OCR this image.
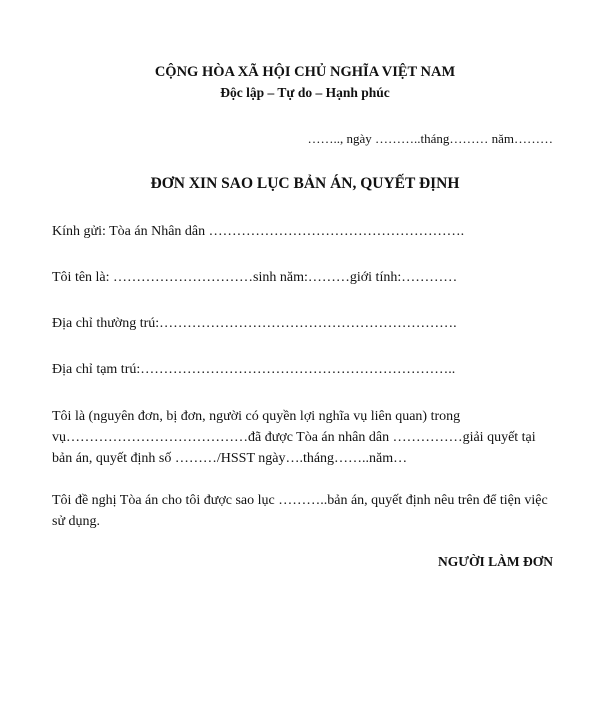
CỘNG HÒA XÃ HỘI CHỦ NGHĨA VIỆT NAM
Độc lập – Tự do – Hạnh phúc
…….., ngày ………..tháng……… năm………
ĐƠN XIN SAO LỤC BẢN ÁN, QUYẾT ĐỊNH
Kính gửi: Tòa án Nhân dân ……………………………………………….
Tôi tên là: …………………………sinh năm:………giới tính:…………
Địa chỉ thường trú:……………………………………………………….
Địa chỉ tạm trú:…………………………………………………………..
Tôi là (nguyên đơn, bị đơn, người có quyền lợi nghĩa vụ liên quan) trong vụ…………………………………đã được Tòa án nhân dân ……………giải quyết tại bản án, quyết định số ………/HSST ngày….tháng……..năm…
Tôi đề nghị Tòa án cho tôi được sao lục ………..bản án, quyết định nêu trên để tiện việc sử dụng.
NGƯỜI LÀM ĐƠN
